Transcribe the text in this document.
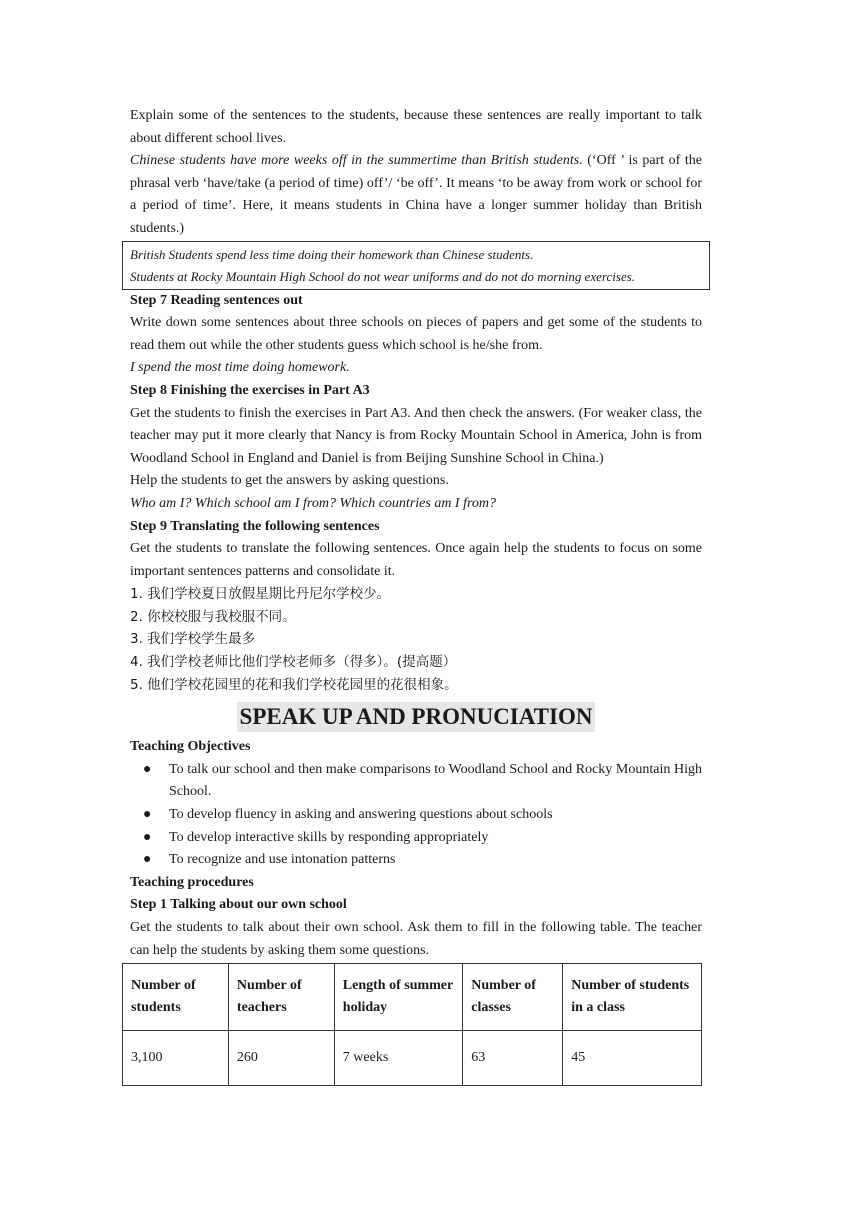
Explain some of the sentences to the students, because these sentences are really important to talk about different school lives.

Chinese students have more weeks off in the summertime than British students. (‘Off ’ is part of the phrasal verb ‘have/take (a period of time) off’/ ‘be off’. It means ‘to be away from work or school for a period of time’. Here, it means students in China have a longer summer holiday than British students.)

British Students spend less time doing their homework than Chinese students.

Students at Rocky Mountain High School do not wear uniforms and do not do morning exercises.

Step 7 Reading sentences out

Write down some sentences about three schools on pieces of papers and get some of the students to read them out while the other students guess which school is he/she from.

I spend the most time doing homework.

Step 8 Finishing the exercises in Part A3

Get the students to finish the exercises in Part A3. And then check the answers. (For weaker class, the teacher may put it more clearly that Nancy is from Rocky Mountain School in America, John is from Woodland School in England and Daniel is from Beijing Sunshine School in China.)

Help the students to get the answers by asking questions.

Who am I? Which school am I from? Which countries am I from?

Step 9 Translating the following sentences

Get the students to translate the following sentences. Once again help the students to focus on some important sentences patterns and consolidate it.

1. 我们学校夏日放假星期比丹尼尔学校少。

2. 你校校服与我校服不同。

3. 我们学校学生最多

4. 我们学校老师比他们学校老师多（得多）。(提高题）

5. 他们学校花园里的花和我们学校花园里的花很相象。

SPEAK UP AND PRONUCIATION

Teaching Objectives

● To talk our school and then make comparisons to Woodland School and Rocky Mountain High School.
● To develop fluency in asking and answering questions about schools
● To develop interactive skills by responding appropriately
● To recognize and use intonation patterns

Teaching procedures

Step 1 Talking about our own school

Get the students to talk about their own school. Ask them to fill in the following table. The teacher can help the students by asking them some questions.

Number of students	Number of teachers	Length of summer holiday	Number of classes	Number of students in a class
3,100	260	7 weeks	63	45
